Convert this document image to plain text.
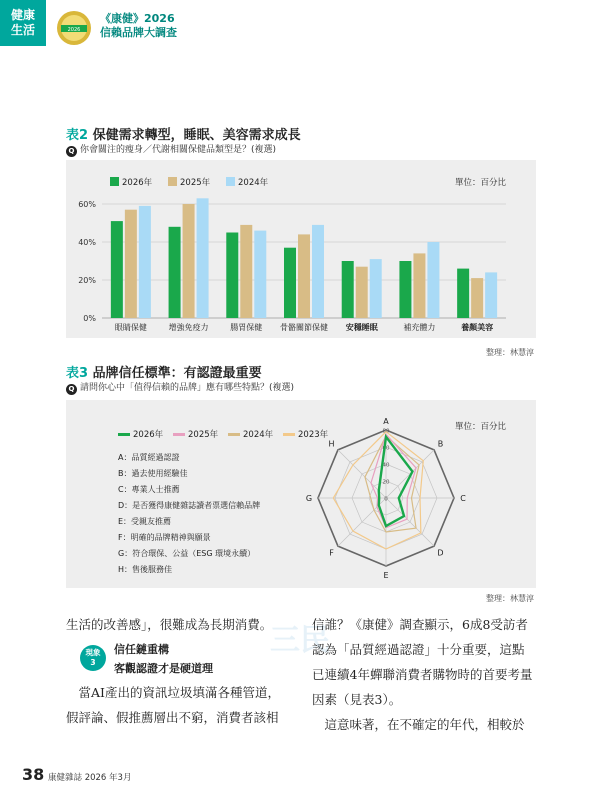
健康
生活	2026
《康健》2026
信賴品牌大調查
表2 保健需求轉型，睡眠、美容需求成長
Q 你會關注的瘦身／代謝相關保健品類型是？(複選)
0%
20%
40%
60%
2026年	2025年	2024年
眼睛保健	增強免疫力	腸胃保健 骨骼關節保健 安穩睡眠	補充體力	養顏美容
單位：百分比
整理：林慧淳
表3 品牌信任標準：有認證最重要
Q 請問你心中「值得信賴的品牌」應有哪些特點？(複選)
A
B
C
D
E
F
G
H
0
20
40
60
80
2026年	2025年	2024年	2023年
單位：百分比
A：品質經過認證
B：過去使用經驗佳
C：專業人士推薦
D：是否獲得康健雜誌讀者票選信賴品牌
E：受親友推薦
F：明確的品牌精神與願景
G：符合環保、公益（ESG 環境永續）
H：售後服務佳
整理：林慧淳
三民
生活的改善感」，很難成為長期消費。
現象
3
信任鏈重構
客觀認證才是硬道理
　當AI產出的資訊垃圾填滿各種管道，
假評論、假推薦層出不窮，消費者該相
信誰？《康健》調查顯示，6成8受訪者
認為「品質經過認證」十分重要，這點
已連續4年蟬聯消費者購物時的首要考量
因素（見表3）。
　這意味著，在不確定的年代，相較於
38 康健雜誌 2026 年3月
